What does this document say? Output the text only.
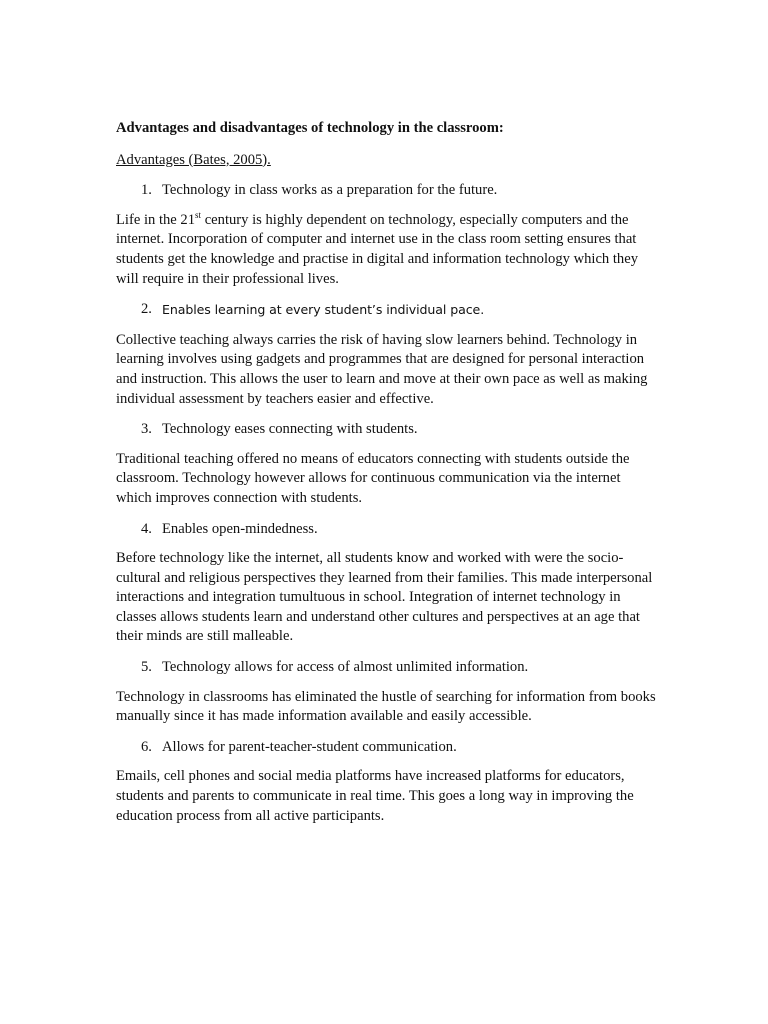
Advantages and disadvantages of technology in the classroom:

Advantages (Bates, 2005).

1. Technology in class works as a preparation for the future.

Life in the 21st century is highly dependent on technology, especially computers and the internet. Incorporation of computer and internet use in the class room setting ensures that students get the knowledge and practise in digital and information technology which they will require in their professional lives.

2. Enables learning at every student’s individual pace.

Collective teaching always carries the risk of having slow learners behind. Technology in learning involves using gadgets and programmes that are designed for personal interaction and instruction. This allows the user to learn and move at their own pace as well as making individual assessment by teachers easier and effective.

3. Technology eases connecting with students.

Traditional teaching offered no means of educators connecting with students outside the classroom. Technology however allows for continuous communication via the internet which improves connection with students.

4. Enables open-mindedness.

Before technology like the internet, all students know and worked with were the socio-cultural and religious perspectives they learned from their families. This made interpersonal interactions and integration tumultuous in school. Integration of internet technology in classes allows students learn and understand other cultures and perspectives at an age that their minds are still malleable.

5. Technology allows for access of almost unlimited information.

Technology in classrooms has eliminated the hustle of searching for information from books manually since it has made information available and easily accessible.

6. Allows for parent-teacher-student communication.

Emails, cell phones and social media platforms have increased platforms for educators, students and parents to communicate in real time. This goes a long way in improving the education process from all active participants.
